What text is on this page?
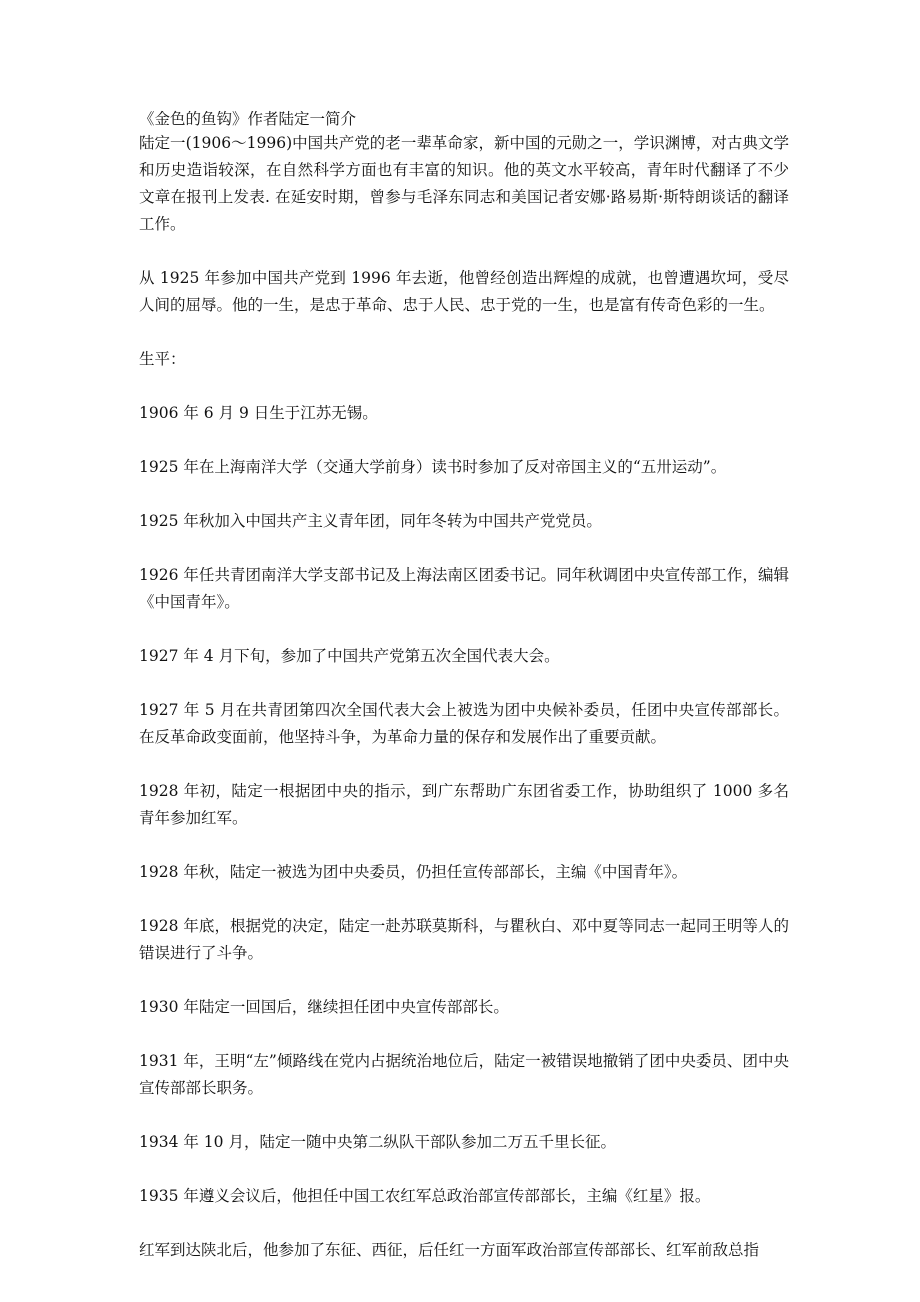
《金色的鱼钩》作者陆定一简介

陆定一(1906～1996)中国共产党的老一辈革命家，新中国的元勋之一，学识渊博，对古典文学和历史造诣较深，在自然科学方面也有丰富的知识。他的英文水平较高，青年时代翻译了不少文章在报刊上发表. 在延安时期，曾参与毛泽东同志和美国记者安娜·路易斯·斯特朗谈话的翻译工作。

从 1925 年参加中国共产党到 1996 年去逝，他曾经创造出辉煌的成就，也曾遭遇坎坷，受尽人间的屈辱。他的一生，是忠于革命、忠于人民、忠于党的一生，也是富有传奇色彩的一生。

生平：

1906 年 6 月 9 日生于江苏无锡。

1925 年在上海南洋大学（交通大学前身）读书时参加了反对帝国主义的“五卅运动”。

1925 年秋加入中国共产主义青年团，同年冬转为中国共产党党员。

1926 年任共青团南洋大学支部书记及上海法南区团委书记。同年秋调团中央宣传部工作，编辑《中国青年》。

1927 年 4 月下旬，参加了中国共产党第五次全国代表大会。

1927 年 5 月在共青团第四次全国代表大会上被选为团中央候补委员，任团中央宣传部部长。在反革命政变面前，他坚持斗争，为革命力量的保存和发展作出了重要贡献。

1928 年初，陆定一根据团中央的指示，到广东帮助广东团省委工作，协助组织了 1000 多名青年参加红军。

1928 年秋，陆定一被选为团中央委员，仍担任宣传部部长，主编《中国青年》。

1928 年底，根据党的决定，陆定一赴苏联莫斯科，与瞿秋白、邓中夏等同志一起同王明等人的错误进行了斗争。

1930 年陆定一回国后，继续担任团中央宣传部部长。

1931 年，王明“左”倾路线在党内占据统治地位后，陆定一被错误地撤销了团中央委员、团中央宣传部部长职务。

1934 年 10 月，陆定一随中央第二纵队干部队参加二万五千里长征。

1935 年遵义会议后，他担任中国工农红军总政治部宣传部部长，主编《红星》报。

红军到达陕北后，他参加了东征、西征，后任红一方面军政治部宣传部部长、红军前敌总指
